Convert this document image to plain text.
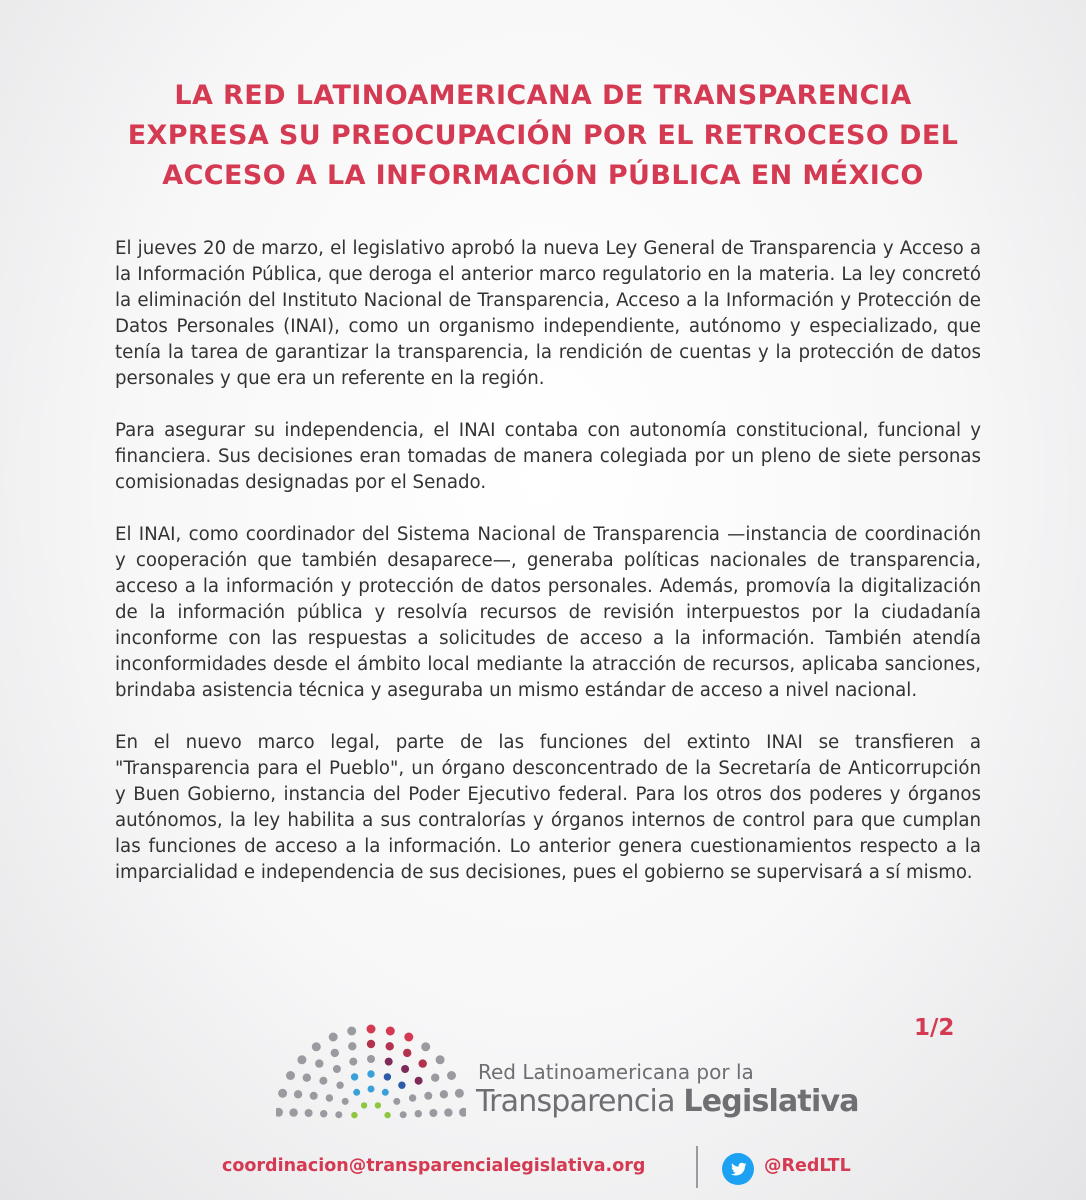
LA RED LATINOAMERICANA DE TRANSPARENCIA
EXPRESA SU PREOCUPACIÓN POR EL RETROCESO DEL
ACCESO A LA INFORMACIÓN PÚBLICA EN MÉXICO

El jueves 20 de marzo, el legislativo aprobó la nueva Ley General de Transparencia y Acceso a la Información Pública, que deroga el anterior marco regulatorio en la materia. La ley concretó la eliminación del Instituto Nacional de Transparencia, Acceso a la Información y Protección de Datos Personales (INAI), como un organismo independiente, autónomo y especializado, que tenía la tarea de garantizar la transparencia, la rendición de cuentas y la protección de datos personales y que era un referente en la región.

Para asegurar su independencia, el INAI contaba con autonomía constitucional, funcional y financiera. Sus decisiones eran tomadas de manera colegiada por un pleno de siete personas comisionadas designadas por el Senado.

El INAI, como coordinador del Sistema Nacional de Transparencia —instancia de coordinación y cooperación que también desaparece—, generaba políticas nacionales de transparencia, acceso a la información y protección de datos personales. Además, promovía la digitalización de la información pública y resolvía recursos de revisión interpuestos por la ciudadanía inconforme con las respuestas a solicitudes de acceso a la información. También atendía inconformidades desde el ámbito local mediante la atracción de recursos, aplicaba sanciones, brindaba asistencia técnica y aseguraba un mismo estándar de acceso a nivel nacional.

En el nuevo marco legal, parte de las funciones del extinto INAI se transfieren a "Transparencia para el Pueblo", un órgano desconcentrado de la Secretaría de Anticorrupción y Buen Gobierno, instancia del Poder Ejecutivo federal. Para los otros dos poderes y órganos autónomos, la ley habilita a sus contralorías y órganos internos de control para que cumplan las funciones de acceso a la información. Lo anterior genera cuestionamientos respecto a la imparcialidad e independencia de sus decisiones, pues el gobierno se supervisará a sí mismo.

1/2
Red Latinoamericana por la
Transparencia Legislativa
coordinacion@transparencialegislativa.org	@RedLTL
